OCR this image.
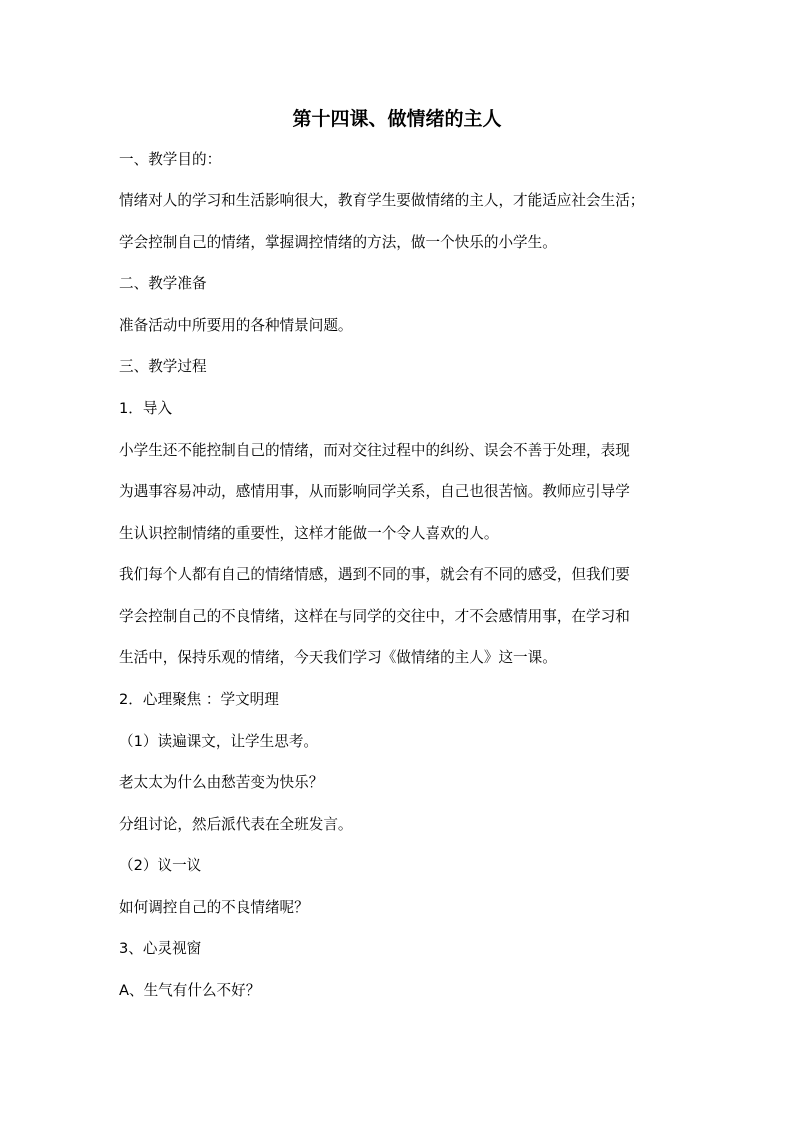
第十四课、做情绪的主人
一、教学目的：
情绪对人的学习和生活影响很大，教育学生要做情绪的主人，才能适应社会生活；
学会控制自己的情绪，掌握调控情绪的方法，做一个快乐的小学生。
二、教学准备
准备活动中所要用的各种情景问题。
三、教学过程
1．导入
小学生还不能控制自己的情绪，而对交往过程中的纠纷、误会不善于处理，表现
为遇事容易冲动，感情用事，从而影响同学关系，自己也很苦恼。教师应引导学
生认识控制情绪的重要性，这样才能做一个令人喜欢的人。
我们每个人都有自己的情绪情感，遇到不同的事，就会有不同的感受，但我们要
学会控制自己的不良情绪，这样在与同学的交往中，才不会感情用事，在学习和
生活中，保持乐观的情绪，今天我们学习《做情绪的主人》这一课。
2．心理聚焦 ：学文明理
（1）读遍课文，让学生思考。
老太太为什么由愁苦变为快乐？
分组讨论，然后派代表在全班发言。
（2）议一议
如何调控自己的不良情绪呢？
3、心灵视窗
A、生气有什么不好？
